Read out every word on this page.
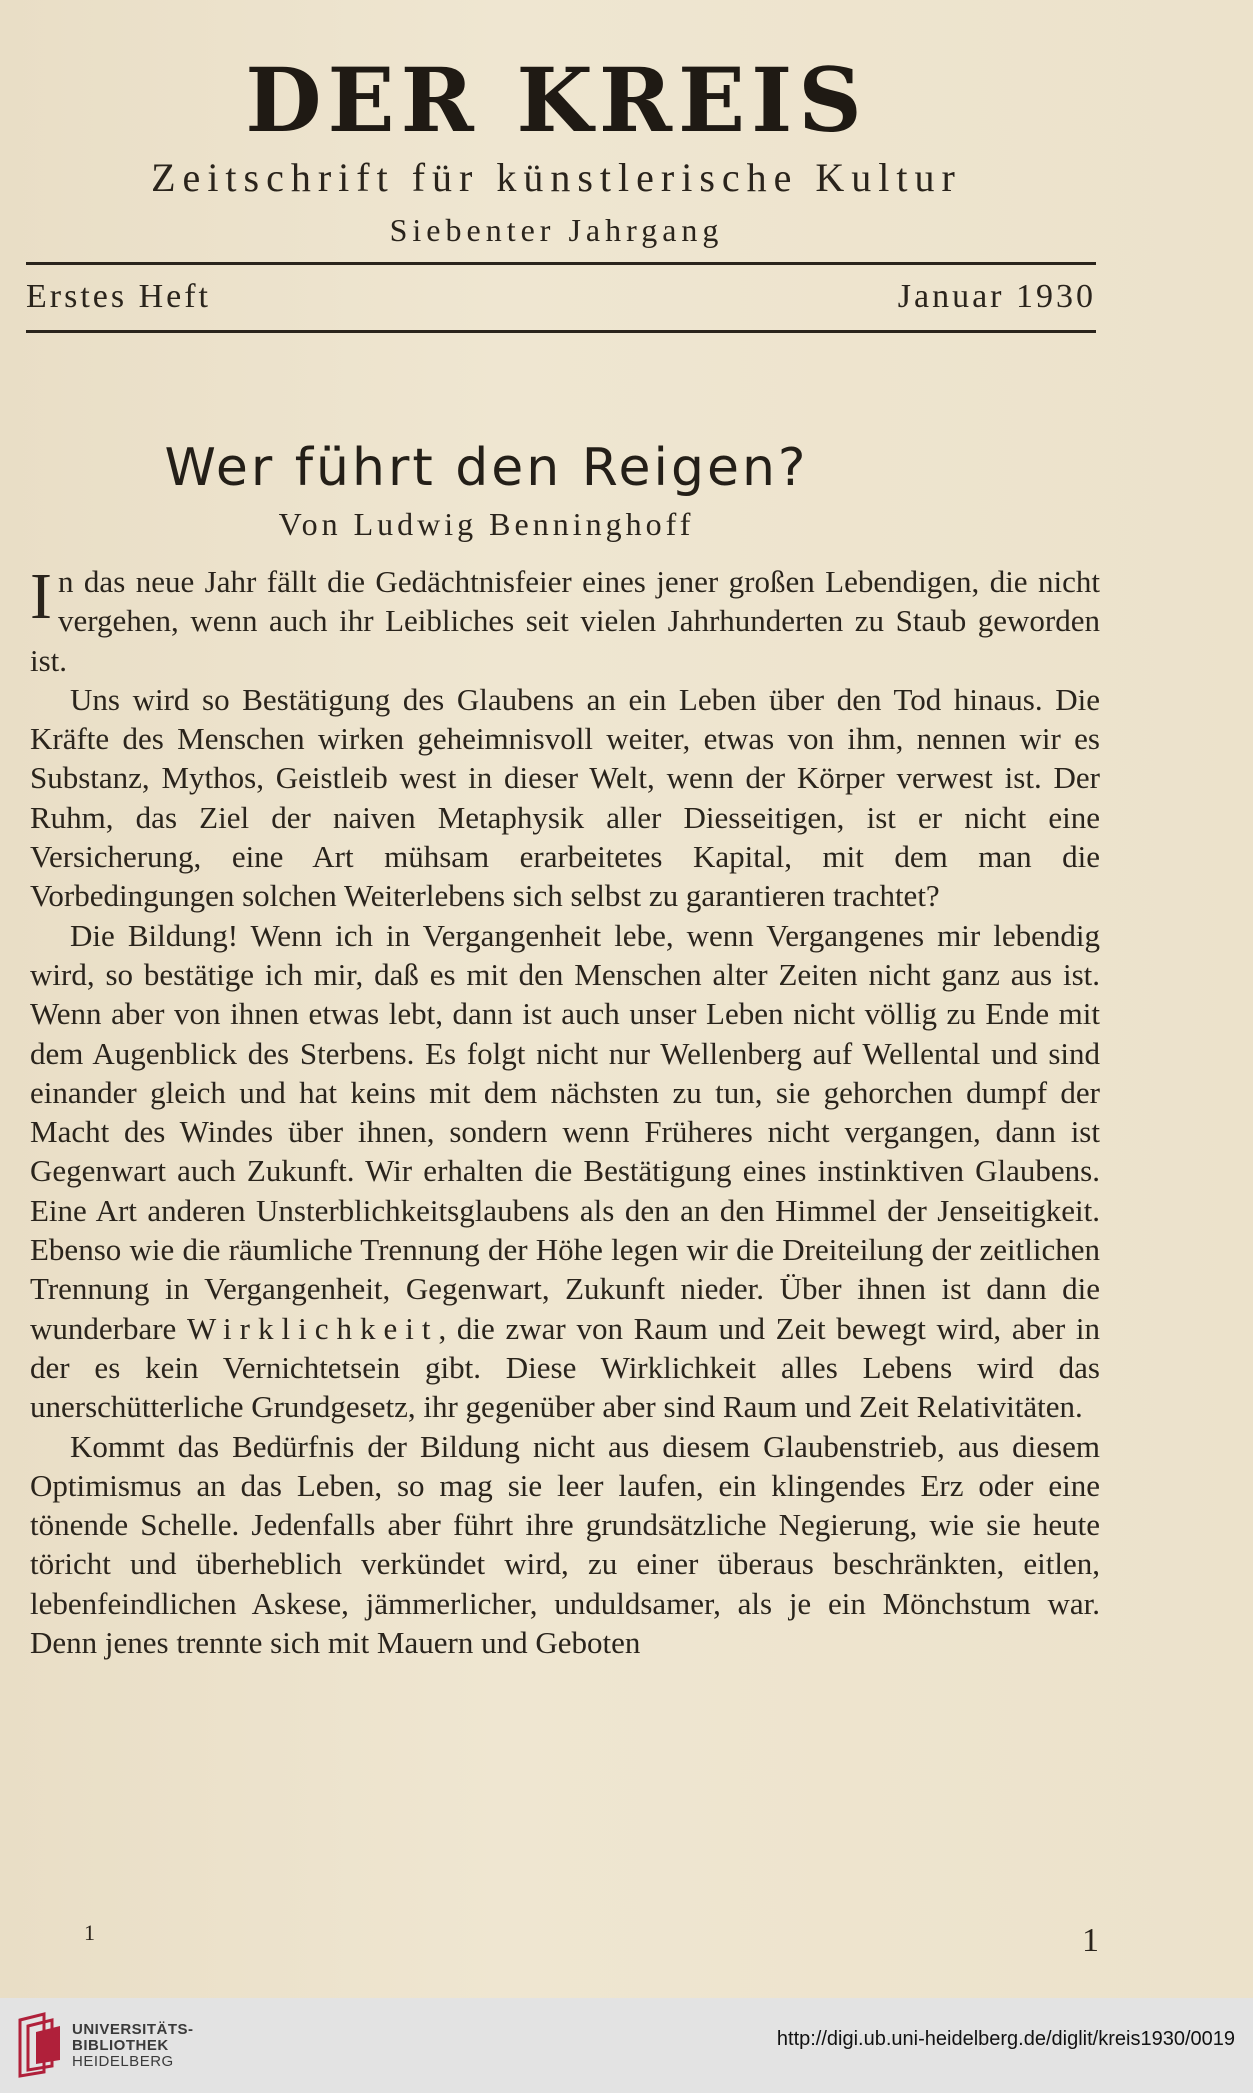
DER KREIS
Zeitschrift für künstlerische Kultur
Siebenter Jahrgang
Erstes Heft	Januar 1930
Wer führt den Reigen?
Von Ludwig Benninghoff

In das neue Jahr fällt die Gedächtnisfeier eines jener großen Lebendigen, die nicht vergehen, wenn auch ihr Leibliches seit vielen Jahrhunderten zu Staub geworden ist.

Uns wird so Bestätigung des Glaubens an ein Leben über den Tod hinaus. Die Kräfte des Menschen wirken geheimnisvoll weiter, etwas von ihm, nennen wir es Substanz, Mythos, Geistleib west in dieser Welt, wenn der Körper verwest ist. Der Ruhm, das Ziel der naiven Metaphysik aller Diesseitigen, ist er nicht eine Versicherung, eine Art mühsam erarbeitetes Kapital, mit dem man die Vorbedingungen solchen Weiterlebens sich selbst zu garantieren trachtet?

Die Bildung! Wenn ich in Vergangenheit lebe, wenn Vergangenes mir lebendig wird, so bestätige ich mir, daß es mit den Menschen alter Zeiten nicht ganz aus ist. Wenn aber von ihnen etwas lebt, dann ist auch unser Leben nicht völlig zu Ende mit dem Augenblick des Sterbens. Es folgt nicht nur Wellenberg auf Wellental und sind einander gleich und hat keins mit dem nächsten zu tun, sie gehorchen dumpf der Macht des Windes über ihnen, sondern wenn Früheres nicht vergangen, dann ist Gegenwart auch Zukunft. Wir erhalten die Bestätigung eines instinktiven Glaubens. Eine Art anderen Unsterblichkeitsglaubens als den an den Himmel der Jenseitigkeit. Ebenso wie die räumliche Trennung der Höhe legen wir die Dreiteilung der zeitlichen Trennung in Vergangenheit, Gegenwart, Zukunft nieder. Über ihnen ist dann die wunderbare Wirklichkeit, die zwar von Raum und Zeit bewegt wird, aber in der es kein Vernichtetsein gibt. Diese Wirklichkeit alles Lebens wird das unerschütterliche Grundgesetz, ihr gegenüber aber sind Raum und Zeit Relativitäten.

Kommt das Bedürfnis der Bildung nicht aus diesem Glaubenstrieb, aus diesem Optimismus an das Leben, so mag sie leer laufen, ein klingendes Erz oder eine tönende Schelle. Jedenfalls aber führt ihre grundsätzliche Negierung, wie sie heute töricht und überheblich verkündet wird, zu einer überaus beschränkten, eitlen, lebenfeindlichen Askese, jämmerlicher, unduldsamer, als je ein Mönchstum war. Denn jenes trennte sich mit Mauern und Geboten

1	1
UNIVERSITÄTS-
BIBLIOTHEK
HEIDELBERG
http://digi.ub.uni-heidelberg.de/diglit/kreis1930/0019
